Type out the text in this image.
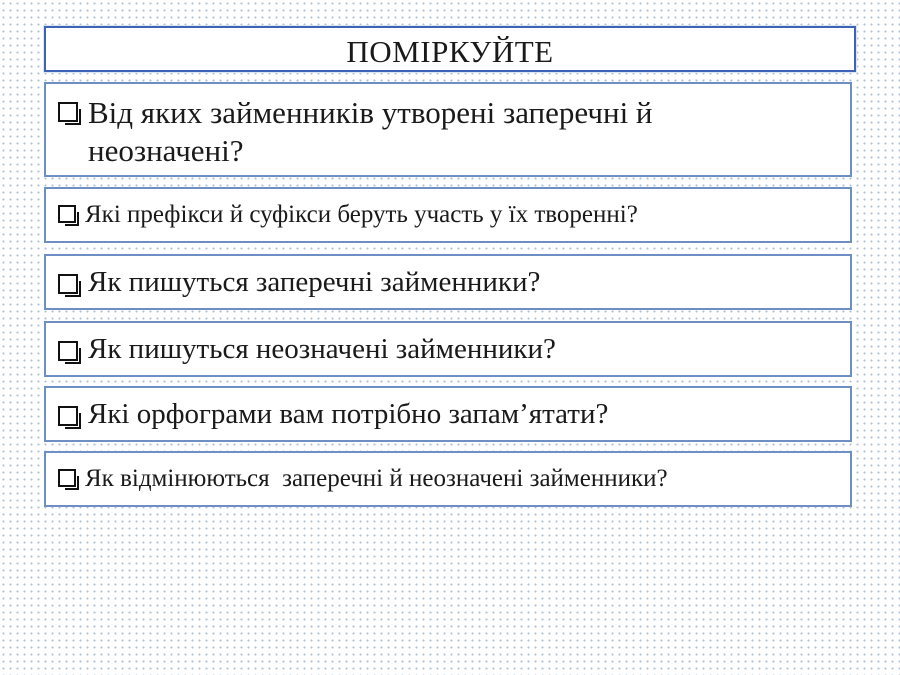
ПОМІРКУЙТЕ
Від яких займенників утворені заперечні й неозначені?
Які префікси й суфікси беруть участь у їх творенні?
Як пишуться заперечні займенники?
Як пишуться неозначені займенники?
Які орфограми вам потрібно запам’ятати?
Як відмінюються  заперечні й неозначені займенники?
